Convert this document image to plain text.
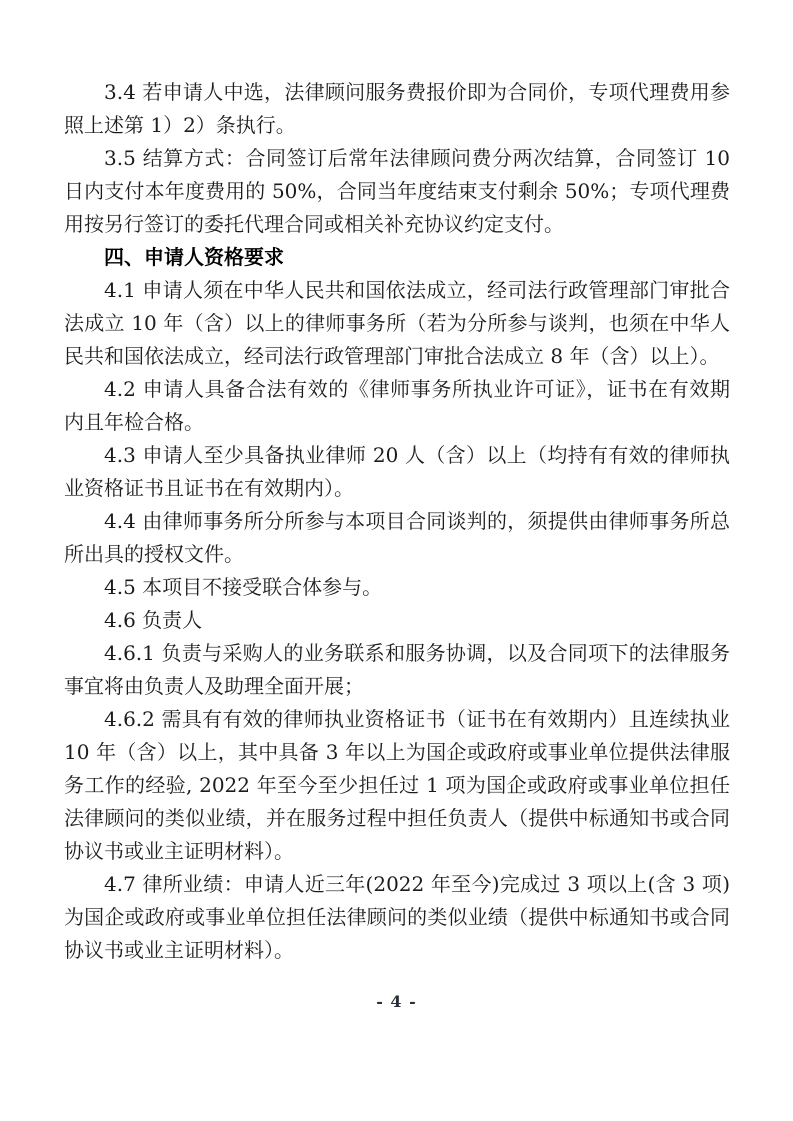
3.4 若申请人中选，法律顾问服务费报价即为合同价，专项代理费用参照上述第 1）2）条执行。

3.5 结算方式：合同签订后常年法律顾问费分两次结算，合同签订 10 日内支付本年度费用的 50%，合同当年度结束支付剩余 50%；专项代理费用按另行签订的委托代理合同或相关补充协议约定支付。

四、申请人资格要求

4.1 申请人须在中华人民共和国依法成立，经司法行政管理部门审批合法成立 10 年（含）以上的律师事务所（若为分所参与谈判，也须在中华人民共和国依法成立，经司法行政管理部门审批合法成立 8 年（含）以上）。

4.2 申请人具备合法有效的《律师事务所执业许可证》，证书在有效期内且年检合格。

4.3 申请人至少具备执业律师 20 人（含）以上（均持有有效的律师执业资格证书且证书在有效期内）。

4.4 由律师事务所分所参与本项目合同谈判的，须提供由律师事务所总所出具的授权文件。

4.5 本项目不接受联合体参与。

4.6 负责人

4.6.1 负责与采购人的业务联系和服务协调，以及合同项下的法律服务事宜将由负责人及助理全面开展；

4.6.2 需具有有效的律师执业资格证书（证书在有效期内）且连续执业 10 年（含）以上，其中具备 3 年以上为国企或政府或事业单位提供法律服务工作的经验, 2022 年至今至少担任过 1 项为国企或政府或事业单位担任法律顾问的类似业绩，并在服务过程中担任负责人（提供中标通知书或合同协议书或业主证明材料）。

4.7 律所业绩：申请人近三年(2022 年至今)完成过 3 项以上(含 3 项) 为国企或政府或事业单位担任法律顾问的类似业绩（提供中标通知书或合同协议书或业主证明材料）。

- 4 -
